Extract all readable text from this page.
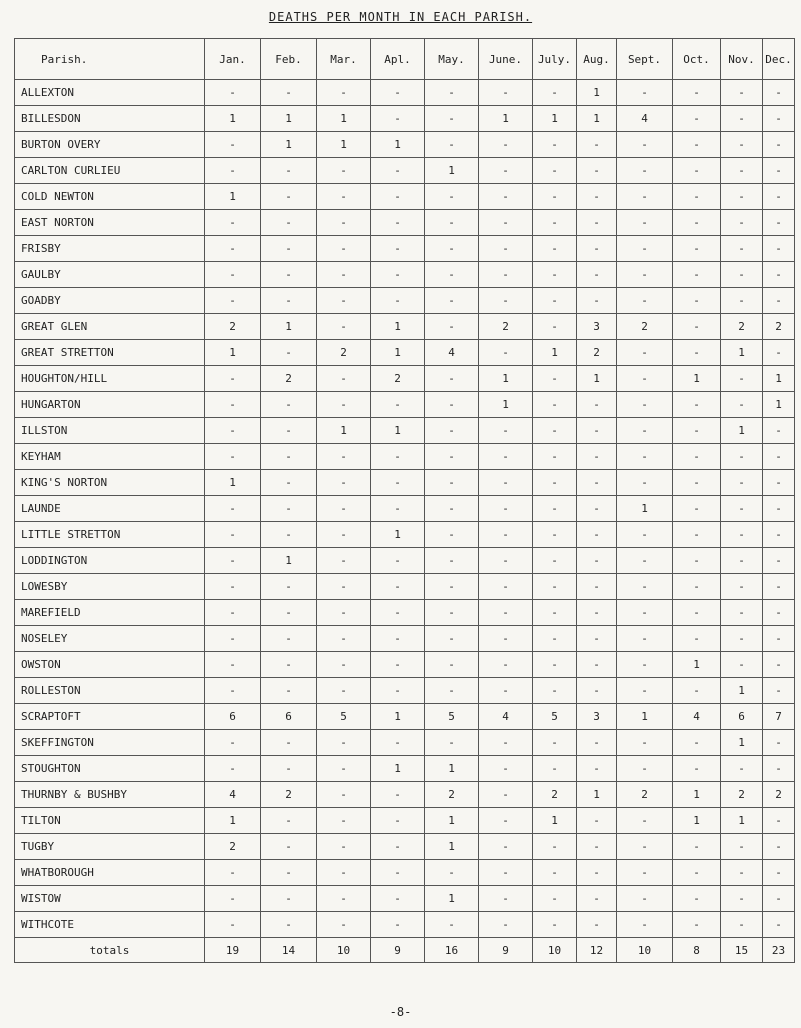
DEATHS PER MONTH IN EACH PARISH.
Parish.	Jan.	Feb.	Mar.	Apl.	May.	June.	July.	Aug.	Sept.	Oct.	Nov.	Dec.
ALLEXTON	-	-	-	-	-	-	-	1	-	-	-	-
BILLESDON	1	1	1	-	-	1	1	1	4	-	-	-
BURTON OVERY	-	1	1	1	-	-	-	-	-	-	-	-
CARLTON CURLIEU	-	-	-	-	1	-	-	-	-	-	-	-
COLD NEWTON	1	-	-	-	-	-	-	-	-	-	-	-
EAST NORTON	-	-	-	-	-	-	-	-	-	-	-	-
FRISBY	-	-	-	-	-	-	-	-	-	-	-	-
GAULBY	-	-	-	-	-	-	-	-	-	-	-	-
GOADBY	-	-	-	-	-	-	-	-	-	-	-	-
GREAT GLEN	2	1	-	1	-	2	-	3	2	-	2	2
GREAT STRETTON	1	-	2	1	4	-	1	2	-	-	1	-
HOUGHTON/HILL	-	2	-	2	-	1	-	1	-	1	-	1
HUNGARTON	-	-	-	-	-	1	-	-	-	-	-	1
ILLSTON	-	-	1	1	-	-	-	-	-	-	1	-
KEYHAM	-	-	-	-	-	-	-	-	-	-	-	-
KING'S NORTON	1	-	-	-	-	-	-	-	-	-	-	-
LAUNDE	-	-	-	-	-	-	-	-	1	-	-	-
LITTLE STRETTON	-	-	-	1	-	-	-	-	-	-	-	-
LODDINGTON	-	1	-	-	-	-	-	-	-	-	-	-
LOWESBY	-	-	-	-	-	-	-	-	-	-	-	-
MAREFIELD	-	-	-	-	-	-	-	-	-	-	-	-
NOSELEY	-	-	-	-	-	-	-	-	-	-	-	-
OWSTON	-	-	-	-	-	-	-	-	-	1	-	-
ROLLESTON	-	-	-	-	-	-	-	-	-	-	1	-
SCRAPTOFT	6	6	5	1	5	4	5	3	1	4	6	7
SKEFFINGTON	-	-	-	-	-	-	-	-	-	-	1	-
STOUGHTON	-	-	-	1	1	-	-	-	-	-	-	-
THURNBY & BUSHBY	4	2	-	-	2	-	2	1	2	1	2	2
TILTON	1	-	-	-	1	-	1	-	-	1	1	-
TUGBY	2	-	-	-	1	-	-	-	-	-	-	-
WHATBOROUGH	-	-	-	-	-	-	-	-	-	-	-	-
WISTOW	-	-	-	-	1	-	-	-	-	-	-	-
WITHCOTE	-	-	-	-	-	-	-	-	-	-	-	-
totals	19	14	10	9	16	9	10	12	10	8	15	23
-8-
